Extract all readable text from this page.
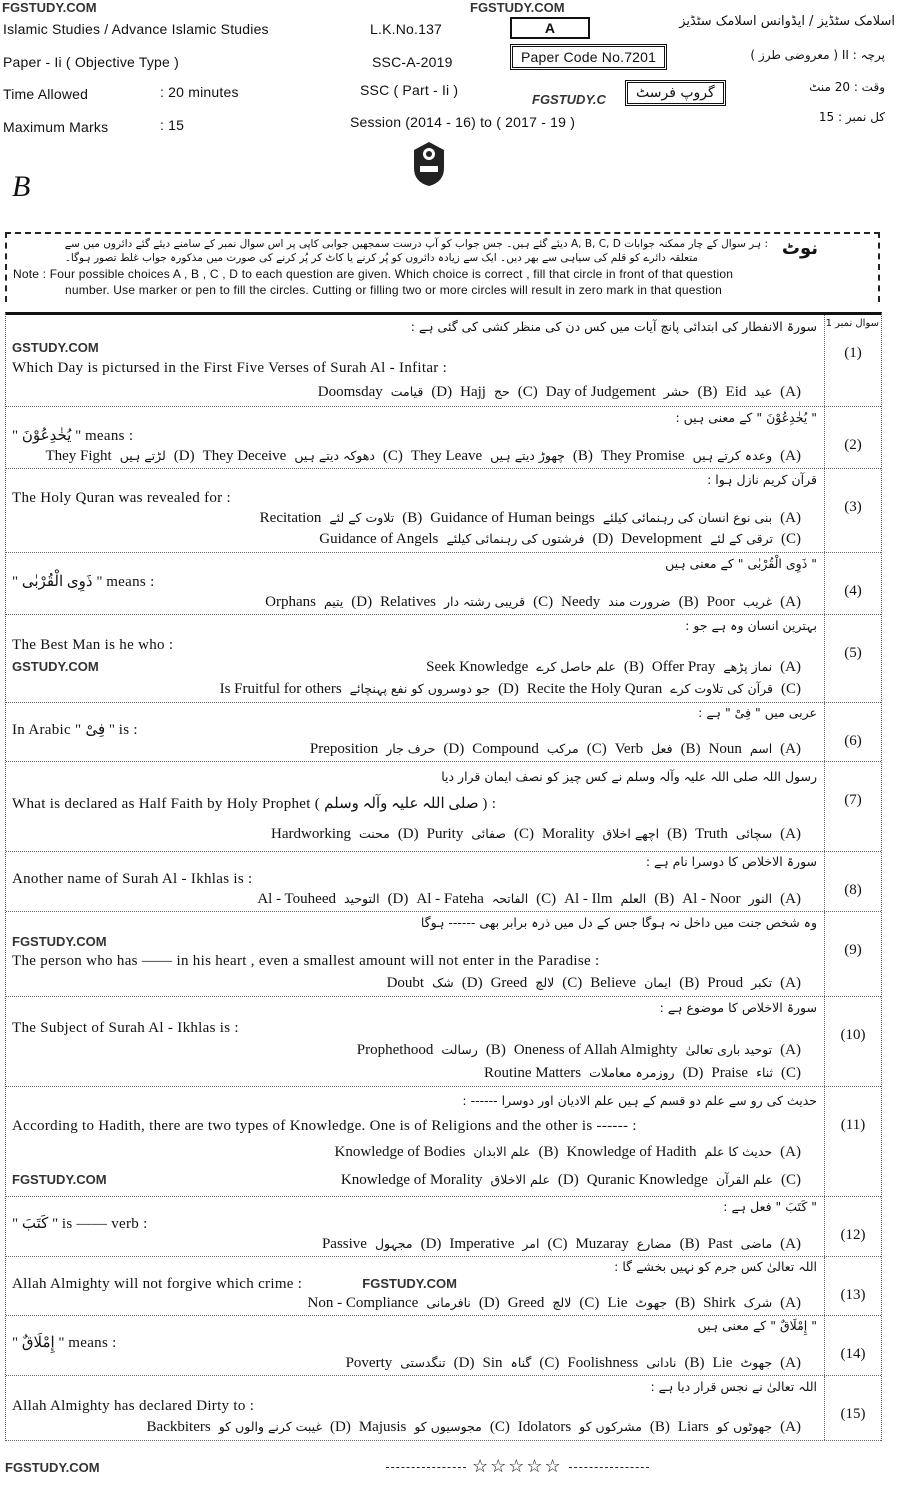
FGSTUDY.COM	FGSTUDY.COM
Islamic Studies / Advance Islamic Studies
Paper - Ii ( Objective Type )
Time Allowed	: 20 minutes
Maximum Marks	: 15
L.K.No.137
SSC-A-2019
SSC ( Part - Ii )
Session (2014 - 16) to ( 2017 - 19 )
A
Paper Code No.7201
FGSTUDY.C	گروپ فرسٹ
اسلامک سٹڈیز / ایڈوانس اسلامک سٹڈیز
پرچہ : II ( معروضی طرز )
وقت : 20 منٹ
کل نمبر : 15
B
نوٹ
: ہر سوال کے چار ممکنہ جوابات A, B, C, D دیئے گئے ہیں۔ جس جواب کو آپ درست سمجھیں جوابی کاپی پر اس سوال نمبر کے سامنے دیئے گئے دائروں میں سے
متعلقہ دائرے کو قلم کی سیاہی سے بھر دیں۔ ایک سے زیادہ دائروں کو پُر کرنے یا کاٹ کر پُر کرنے کی صورت میں مذکورہ جواب غلط تصور ہوگا۔
Note : Four possible choices A , B , C , D to each question are given. Which choice is correct , fill that circle in front of that question
number. Use marker or pen to fill the circles. Cutting or filling two or more circles will result in zero mark in that question
(1)
سوال نمبر 1
سورۃ الانفطار کی ابتدائی پانچ آیات میں کس دن کی منظر کشی کی گئی ہے :
GSTUDY.COM
Which Day is pictursed in the First Five Verses of Surah Al - Infitar :
Doomsday قیامت (D) Hajj حج (C) Day of Judgement حشر (B) Eid عید (A)
(2)
" یُخٰدِعُوْنَ " کے معنی ہیں :
" یُخٰدِعُوْنَ " means :
They Fight لڑتے ہیں (D) They Deceive دھوکہ دیتے ہیں (C) They Leave چھوڑ دیتے ہیں (B) They Promise وعدہ کرتے ہیں (A)
(3)
قرآن کریم نازل ہوا :
The Holy Quran was revealed for :
Recitation تلاوت کے لئے (B) Guidance of Human beings بنی نوع انسان کی رہنمائی کیلئے (A)
Guidance of Angels فرشتوں کی رہنمائی کیلئے (D) Development ترقی کے لئے (C)
(4)
" ذَوِی الْقُرْبٰی " کے معنی ہیں
" ذَوِی الْقُرْبٰی " means :
Orphans یتیم (D) Relatives قریبی رشتہ دار (C) Needy ضرورت مند (B) Poor غریب (A)
(5)
بہترین انسان وہ ہے جو :
The Best Man is he who :
GSTUDY.COM	Seek Knowledge علم حاصل کرے (B) Offer Pray نماز پڑھے (A)
Is Fruitful for others جو دوسروں کو نفع پہنچائے (D) Recite the Holy Quran قرآن کی تلاوت کرے (C)
(6)
عربی میں " فِیْ " ہے :
In Arabic " فِیْ " is :
Preposition حرف جار (D) Compound مرکب (C) Verb فعل (B) Noun اسم (A)
(7)
رسول اللہ صلی اللہ علیہ وآلہ وسلم نے کس چیز کو نصف ایمان قرار دیا
What is declared as Half Faith by Holy Prophet ( صلی اللہ علیہ وآلہ وسلم ) :
Hardworking محنت (D) Purity صفائی (C) Morality اچھے اخلاق (B) Truth سچائی (A)
(8)
سورۃ الاخلاص کا دوسرا نام ہے :
Another name of Surah Al - Ikhlas is :
Al - Touheed التوحید (D) Al - Fateha الفاتحہ (C) Al - Ilm العلم (B) Al - Noor النور (A)
(9)
وہ شخص جنت میں داخل نہ ہوگا جس کے دل میں ذرہ برابر بھی ------ ہوگا
FGSTUDY.COM
The person who has —— in his heart , even a smallest amount will not enter in the Paradise :
Doubt شک (D) Greed لالچ (C) Believe ایمان (B) Proud تکبر (A)
(10)
سورۃ الاخلاص کا موضوع ہے :
The Subject of Surah Al - Ikhlas is :
Prophethood رسالت (B) Oneness of Allah Almighty توحید باری تعالیٰ (A)
Routine Matters روزمرہ معاملات (D) Praise ثناء (C)
(11)
حدیث کی رو سے علم دو قسم کے ہیں علم الادیان اور دوسرا ------ :
According to Hadith, there are two types of Knowledge. One is of Religions and the other is ------ :
Knowledge of Bodies علم الابدان (B) Knowledge of Hadith حدیث کا علم (A)
FGSTUDY.COM	Knowledge of Morality علم الاخلاق (D) Quranic Knowledge علم القرآن (C)
(12)
" کَتَبَ " فعل ہے :
" کَتَبَ " is —— verb :
Passive مجہول (D) Imperative امر (C) Muzaray مضارع (B) Past ماضی (A)
(13)
اللہ تعالیٰ کس جرم کو نہیں بخشے گا :
Allah Almighty will not forgive which crime :	FGSTUDY.COM
Non - Compliance نافرمانی (D) Greed لالچ (C) Lie جھوٹ (B) Shirk شرک (A)
(14)
" إِمْلَاقٌ " کے معنی ہیں
" إِمْلَاقٌ " means :
Poverty تنگدستی (D) Sin گناہ (C) Foolishness نادانی (B) Lie جھوٹ (A)
(15)
اللہ تعالیٰ نے نجس قرار دیا ہے :
Allah Almighty has declared Dirty to :
Backbiters غیبت کرنے والوں کو (D) Majusis مجوسیوں کو (C) Idolators مشرکوں کو (B) Liars جھوٹوں کو (A)
FGSTUDY.COM	☆☆☆☆☆
